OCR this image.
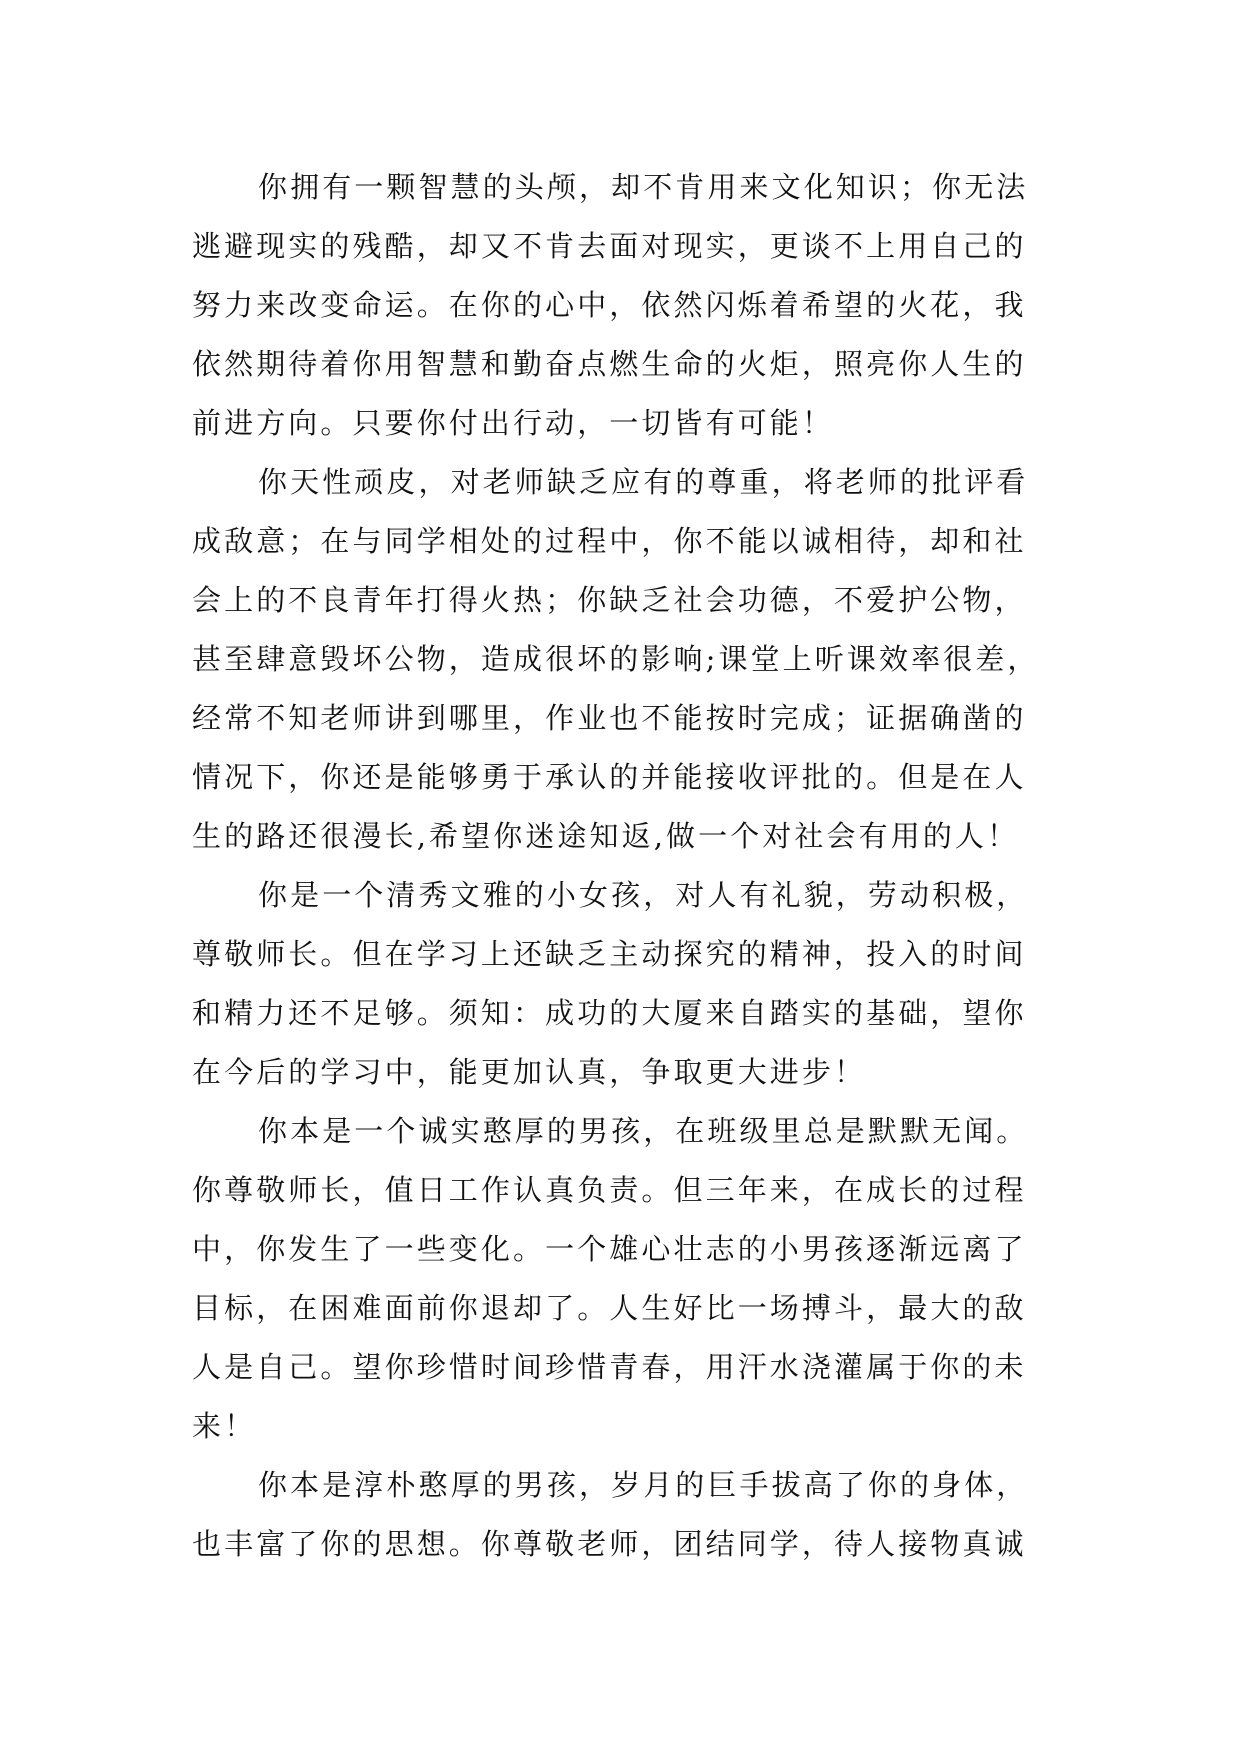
你拥有一颗智慧的头颅，却不肯用来文化知识；你无法
逃避现实的残酷，却又不肯去面对现实，更谈不上用自己的
努力来改变命运。在你的心中，依然闪烁着希望的火花，我
依然期待着你用智慧和勤奋点燃生命的火炬，照亮你人生的
前进方向。只要你付出行动，一切皆有可能！
你天性顽皮，对老师缺乏应有的尊重，将老师的批评看
成敌意；在与同学相处的过程中，你不能以诚相待，却和社
会上的不良青年打得火热；你缺乏社会功德，不爱护公物，
甚至肆意毁坏公物，造成很坏的影响;课堂上听课效率很差，
经常不知老师讲到哪里，作业也不能按时完成；证据确凿的
情况下，你还是能够勇于承认的并能接收评批的。但是在人
生的路还很漫长,希望你迷途知返,做一个对社会有用的人！
你是一个清秀文雅的小女孩，对人有礼貌，劳动积极，
尊敬师长。但在学习上还缺乏主动探究的精神，投入的时间
和精力还不足够。须知：成功的大厦来自踏实的基础，望你
在今后的学习中，能更加认真，争取更大进步！
你本是一个诚实憨厚的男孩，在班级里总是默默无闻。
你尊敬师长，值日工作认真负责。但三年来，在成长的过程
中，你发生了一些变化。一个雄心壮志的小男孩逐渐远离了
目标，在困难面前你退却了。人生好比一场搏斗，最大的敌
人是自己。望你珍惜时间珍惜青春，用汗水浇灌属于你的未
来！
你本是淳朴憨厚的男孩，岁月的巨手拔高了你的身体，
也丰富了你的思想。你尊敬老师，团结同学，待人接物真诚
